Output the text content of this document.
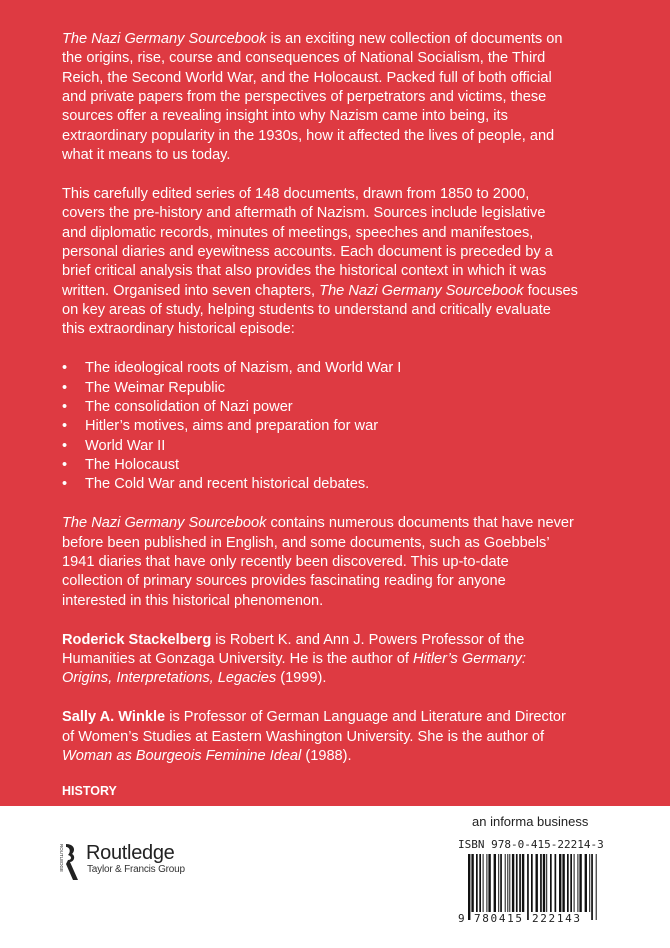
The Nazi Germany Sourcebook is an exciting new collection of documents on
the origins, rise, course and consequences of National Socialism, the Third
Reich, the Second World War, and the Holocaust. Packed full of both official
and private papers from the perspectives of perpetrators and victims, these
sources offer a revealing insight into why Nazism came into being, its
extraordinary popularity in the 1930s, how it affected the lives of people, and
what it means to us today.
This carefully edited series of 148 documents, drawn from 1850 to 2000,
covers the pre-history and aftermath of Nazism. Sources include legislative
and diplomatic records, minutes of meetings, speeches and manifestoes,
personal diaries and eyewitness accounts. Each document is preceded by a
brief critical analysis that also provides the historical context in which it was
written. Organised into seven chapters, The Nazi Germany Sourcebook focuses
on key areas of study, helping students to understand and critically evaluate
this extraordinary historical episode:
• The ideological roots of Nazism, and World War I
• The Weimar Republic
• The consolidation of Nazi power
• Hitler’s motives, aims and preparation for war
• World War II
• The Holocaust
• The Cold War and recent historical debates.
The Nazi Germany Sourcebook contains numerous documents that have never
before been published in English, and some documents, such as Goebbels’
1941 diaries that have only recently been discovered. This up-to-date
collection of primary sources provides fascinating reading for anyone
interested in this historical phenomenon.
Roderick Stackelberg is Robert K. and Ann J. Powers Professor of the
Humanities at Gonzaga University. He is the author of Hitler’s Germany:
Origins, Interpretations, Legacies (1999).
Sally A. Winkle is Professor of German Language and Literature and Director
of Women’s Studies at Eastern Washington University. She is the author of
Woman as Bourgeois Feminine Ideal (1988).
HISTORY
Cover photo: “Nazi Rally” © Popperfoto
ROUTLEDGE Routledge
Taylor & Francis Group
an informa business
ISBN 978-0-415-22214-3
9 780415 222143
